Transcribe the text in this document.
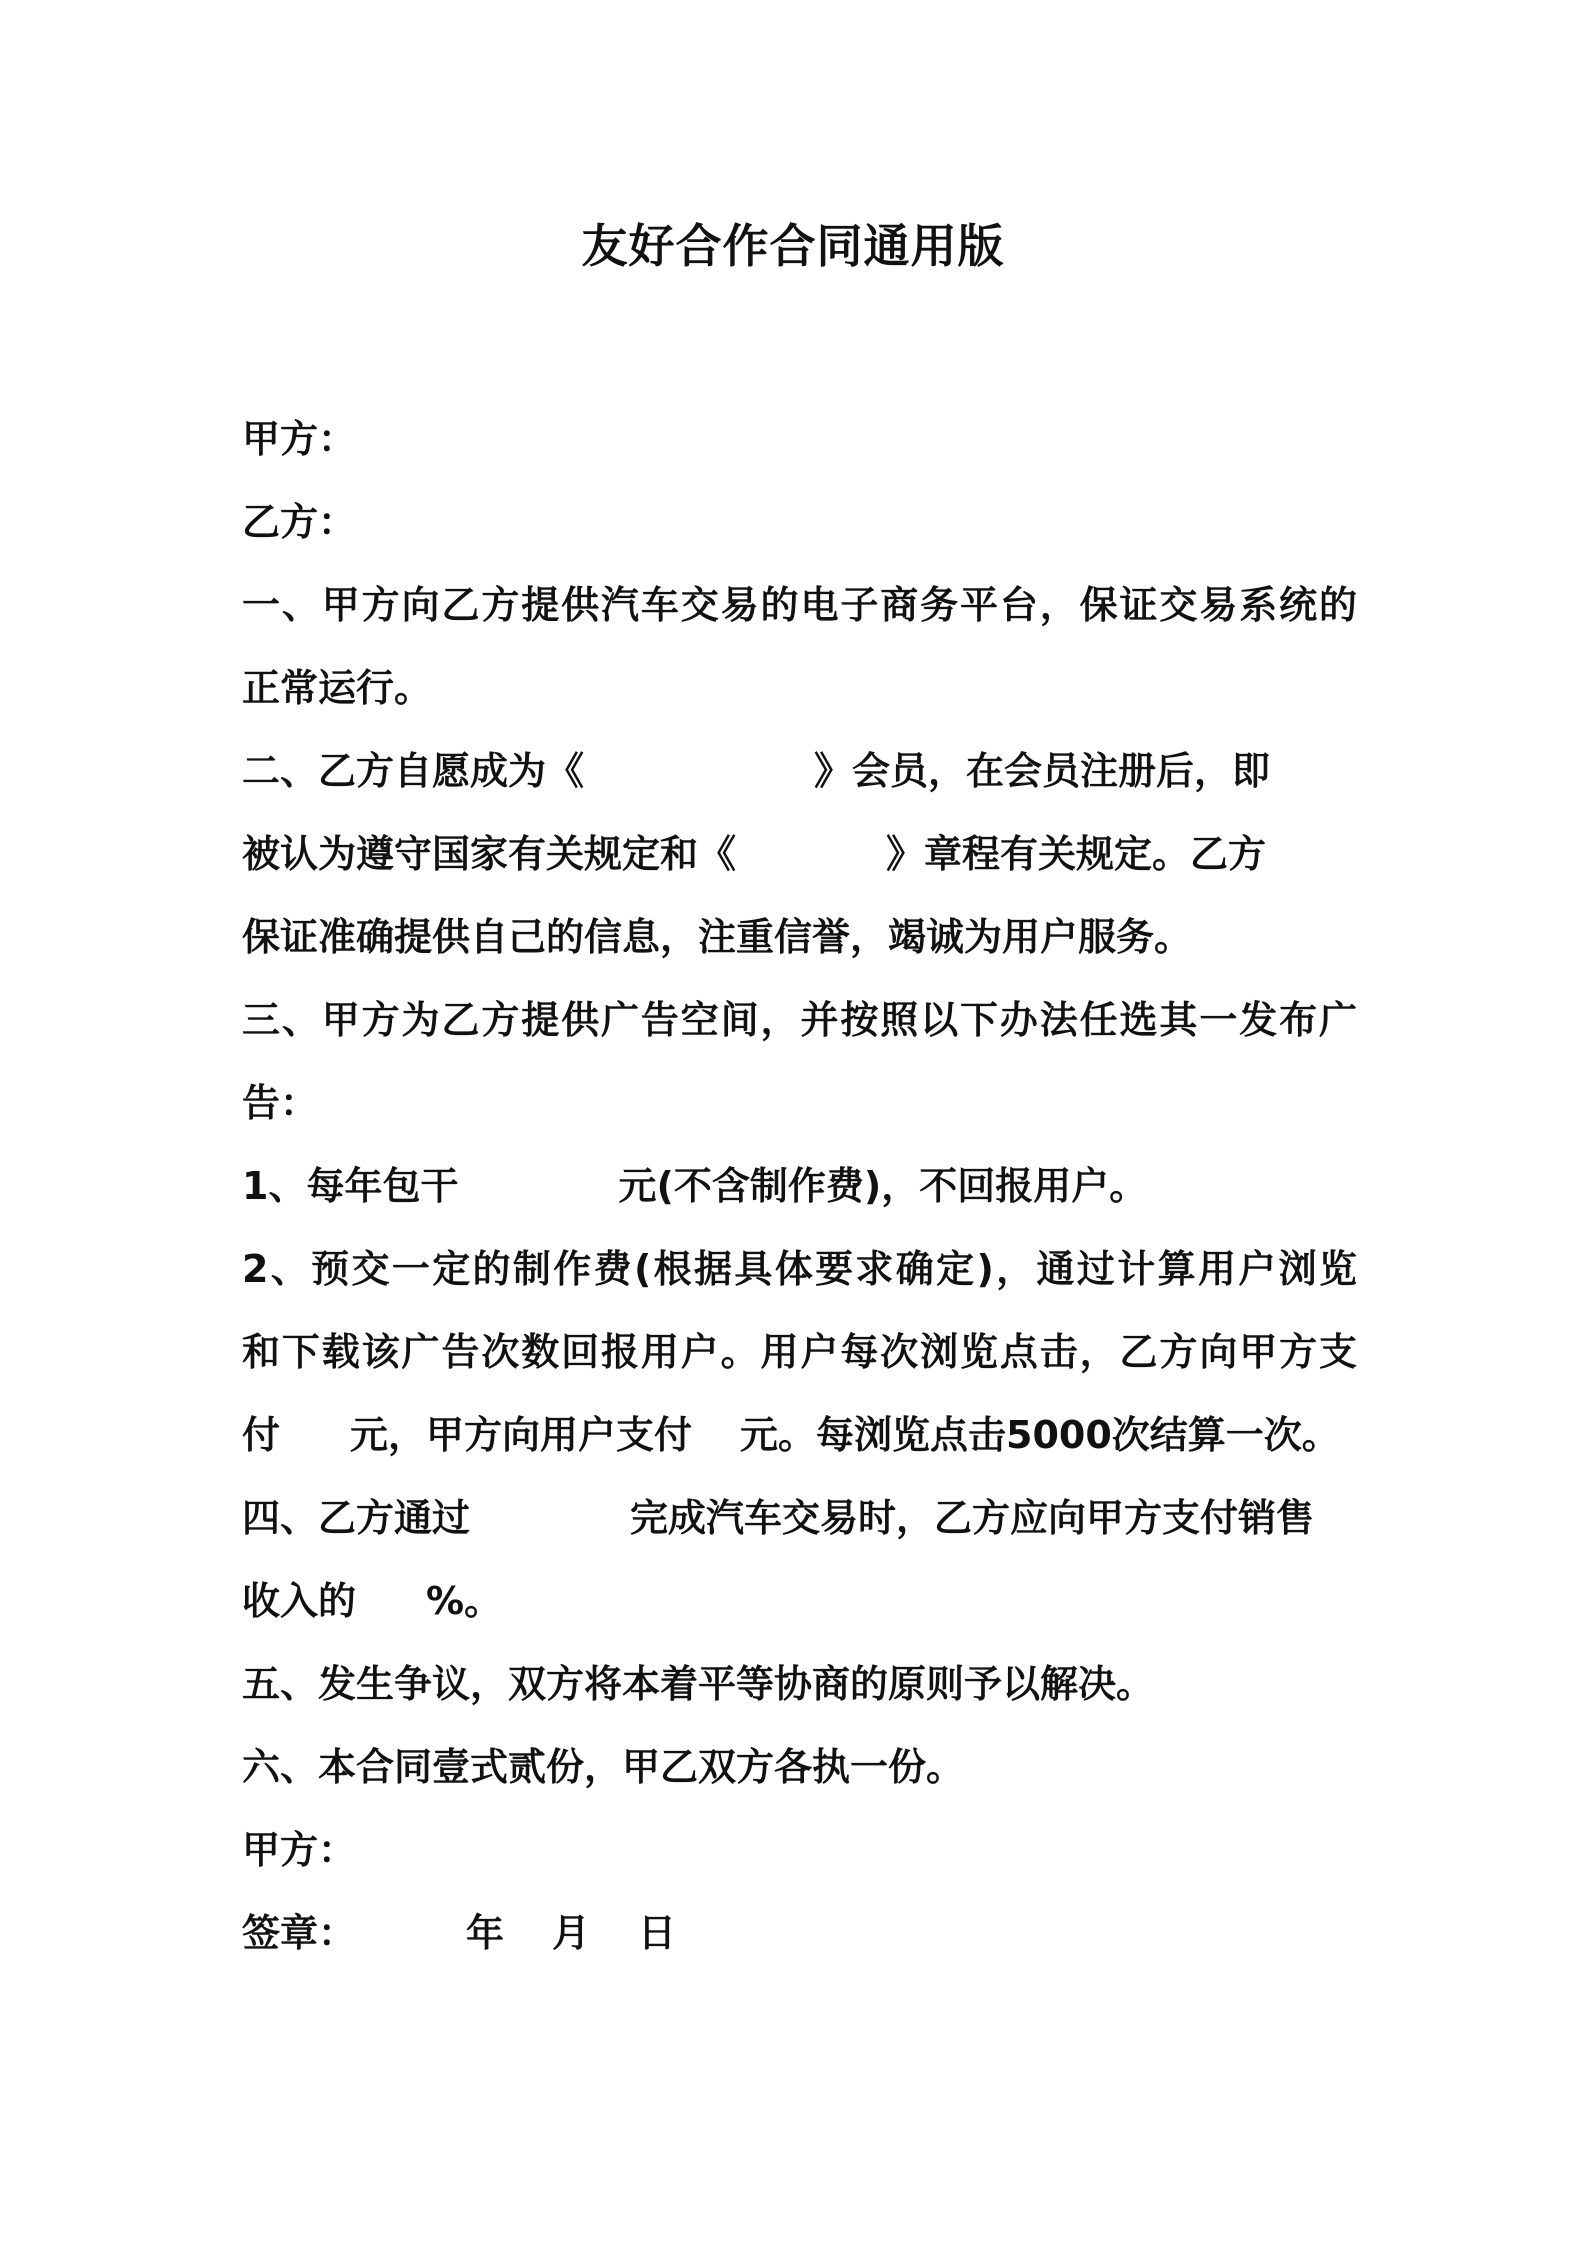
友好合作合同通用版
甲方：
乙方：
一、甲方向乙方提供汽车交易的电子商务平台，保证交易系统的
正常运行。
二、乙方自愿成为《	》会员，在会员注册后，即
被认为遵守国家有关规定和《	》章程有关规定。乙方
保证准确提供自己的信息，注重信誉，竭诚为用户服务。
三、甲方为乙方提供广告空间，并按照以下办法任选其一发布广
告：
1、每年包干	元(不含制作费)，不回报用户。
2、预交一定的制作费(根据具体要求确定)，通过计算用户浏览
和下载该广告次数回报用户。用户每次浏览点击，乙方向甲方支
付 元，甲方向用户支付 元。每浏览点击5000次结算一次。
四、乙方通过	完成汽车交易时，乙方应向甲方支付销售
收入的 %。
五、发生争议，双方将本着平等协商的原则予以解决。
六、本合同壹式贰份，甲乙双方各执一份。
甲方：
签章：	年 月 日
